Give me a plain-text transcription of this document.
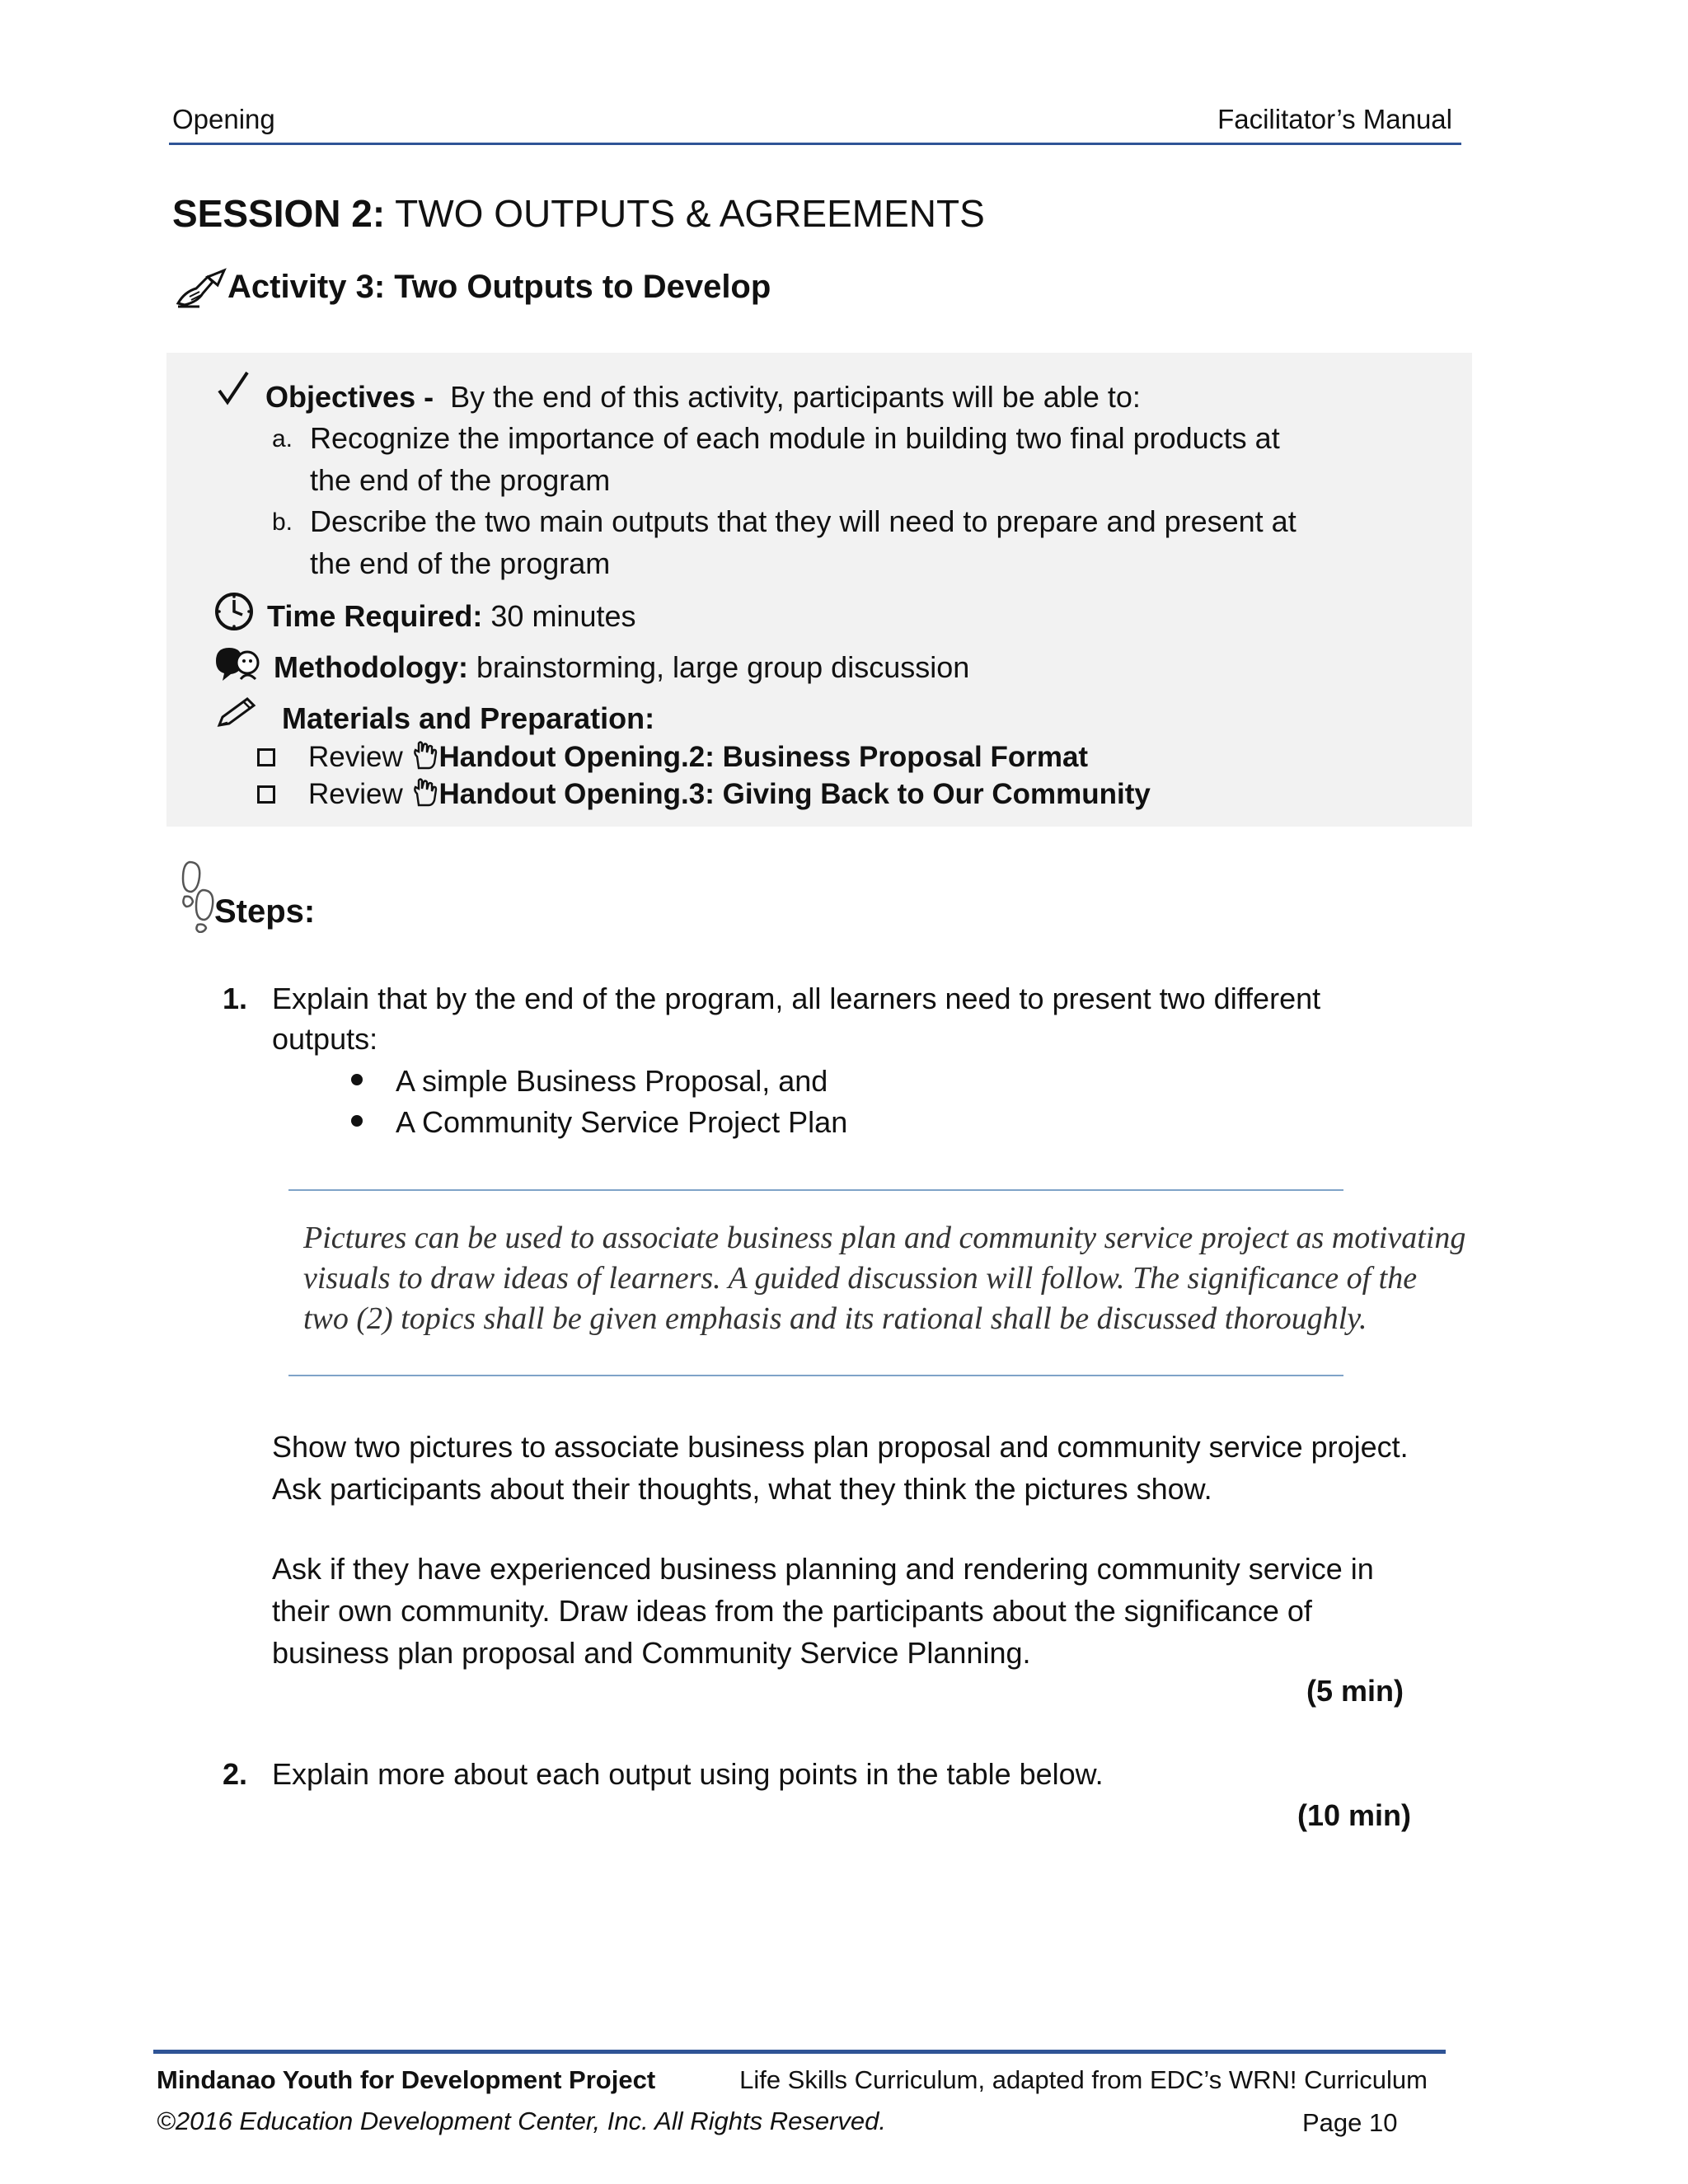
Opening	Facilitator’s Manual
SESSION 2: TWO OUTPUTS & AGREEMENTS
Activity 3: Two Outputs to Develop
Objectives - By the end of this activity, participants will be able to:
a. Recognize the importance of each module in building two final products at
the end of the program
b. Describe the two main outputs that they will need to prepare and present at
the end of the program
Time Required: 30 minutes
Methodology: brainstorming, large group discussion
Materials and Preparation:
Review
Handout Opening.2: Business Proposal Format
Review
Handout Opening.3: Giving Back to Our Community
Steps:
1. Explain that by the end of the program, all learners need to present two different
outputs:
A simple Business Proposal, and
A Community Service Project Plan
Pictures can be used to associate business plan and community service project as motivating
visuals to draw ideas of learners. A guided discussion will follow. The significance of the
two (2) topics shall be given emphasis and its rational shall be discussed thoroughly.
Show two pictures to associate business plan proposal and community service project.
Ask participants about their thoughts, what they think the pictures show.
Ask if they have experienced business planning and rendering community service in
their own community. Draw ideas from the participants about the significance of
business plan proposal and Community Service Planning.
(5 min)
2. Explain more about each output using points in the table below.
(10 min)
Mindanao Youth for Development Project	Life Skills Curriculum, adapted from EDC’s WRN! Curriculum
©2016 Education Development Center, Inc. All Rights Reserved.	Page 10
